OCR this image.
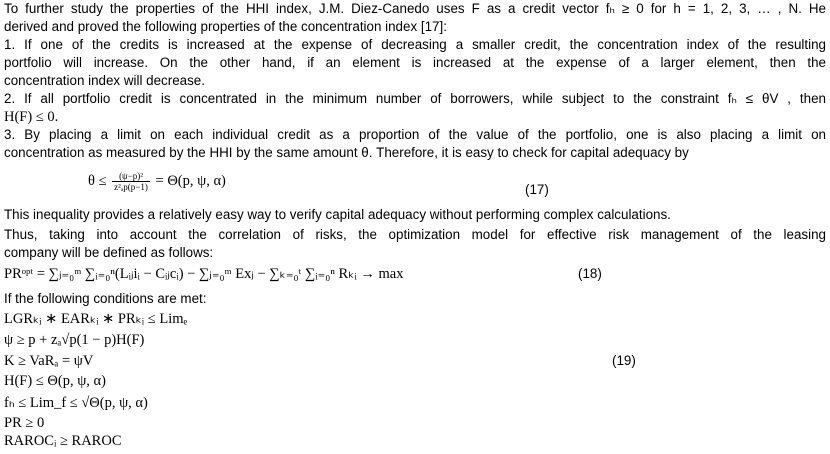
To further study the properties of the HHI index, J.M. Diez-Canedo uses F as a credit vector fₕ ≥ 0 for h = 1, 2, 3, … , N. He
derived and proved the following properties of the concentration index [17]:
1. If one of the credits is increased at the expense of decreasing a smaller credit, the concentration index of the resulting
portfolio will increase. On the other hand, if an element is increased at the expense of a larger element, then the
concentration index will decrease.
2. If all portfolio credit is concentrated in the minimum number of borrowers, while subject to the constraint fₕ ≤ θV , then
H(F) ≤ 0.
3. By placing a limit on each individual credit as a proportion of the value of the portfolio, one is also placing a limit on
concentration as measured by the HHI by the same amount θ. Therefore, it is easy to check for capital adequacy by
$\theta \le \frac{\text{(ψ−p)²}}{\text{z²ₐp(p−1)}} = \Theta(p$, ψ, α)
(17)
This inequality provides a relatively easy way to verify capital adequacy without performing complex calculations.
Thus, taking into account the correlation of risks, the optimization model for effective risk management of the leasing
company will be defined as follows:
PRᵒᵖᵗ = ∑ⱼ₌₀ᵐ ∑ᵢ₌₀ⁿ(Lᵢⱼiᵢ − Cᵢⱼcᵢ) − ∑ⱼ₌₀ᵐ Exⱼ − ∑ₖ₌₀ᵗ ∑ᵢ₌₀ⁿ Rₖᵢ → max	(18)
If the following conditions are met:
LGRₖᵢ ∗ EARₖᵢ ∗ PRₖᵢ ≤ Limₑ
ψ ≥ p + zₐ√p(1 − p)H(F)
K ≥ VaRₐ = ψV	(19)
H(F) ≤ Θ(p, ψ, α)
fₕ ≤ Lim_f ≤ √Θ(p, ψ, α)
PR ≥ 0
RAROCᵢ ≥ RAROC
